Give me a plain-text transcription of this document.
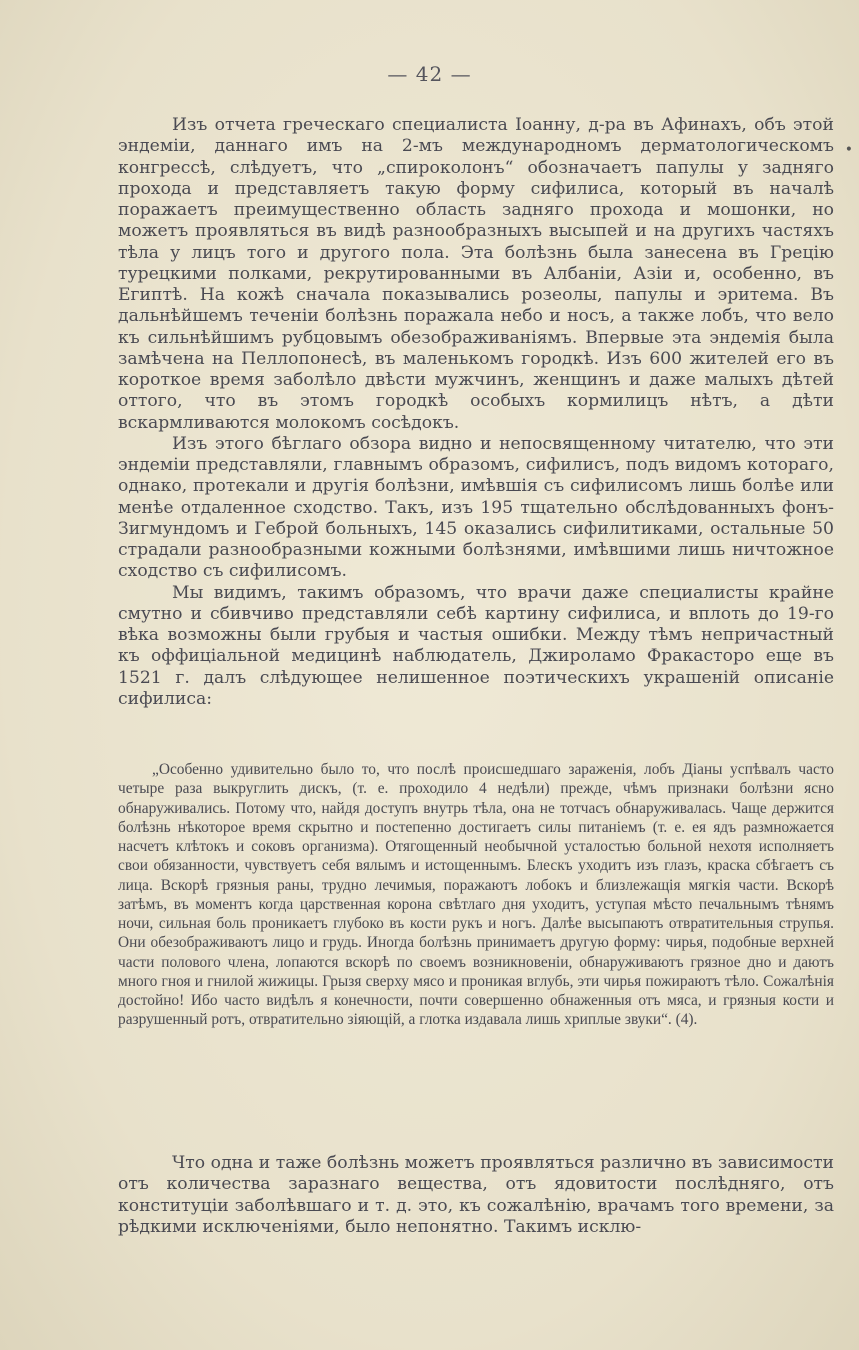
— 42 —
•

Изъ отчета греческаго специалиста Іоанну, д-ра въ Афинахъ, объ этой эндеміи, даннаго имъ на 2-мъ международномъ дерматологическомъ конгрессѣ, слѣдуетъ, что „спироколонъ“ обозначаетъ папулы у задняго прохода и представляетъ такую форму сифилиса, который въ началѣ поражаетъ преимущественно область задняго прохода и мошонки, но можетъ проявляться въ видѣ разнообразныхъ высыпей и на другихъ частяхъ тѣла у лицъ того и другого пола. Эта болѣзнь была занесена въ Грецію турецкими полками, рекрутированными въ Албаніи, Азіи и, особенно, въ Египтѣ. На кожѣ сначала показывались розеолы, папулы и эритема. Въ дальнѣйшемъ теченіи болѣзнь поражала небо и носъ, а также лобъ, что вело къ сильнѣйшимъ рубцовымъ обезображиваніямъ. Впервые эта эндемія была замѣчена на Пеллопонесѣ, въ маленькомъ городкѣ. Изъ 600 жителей его въ короткое время заболѣло двѣсти мужчинъ, женщинъ и даже малыхъ дѣтей оттого, что въ этомъ городкѣ особыхъ кормилицъ нѣтъ, а дѣти вскармливаются молокомъ сосѣдокъ.

Изъ этого бѣглаго обзора видно и непосвященному читателю, что эти эндеміи представляли, главнымъ образомъ, сифилисъ, подъ видомъ котораго, однако, протекали и другія болѣзни, имѣвшія съ сифилисомъ лишь болѣе или менѣе отдаленное сходство. Такъ, изъ 195 тщательно обслѣдованныхъ фонъ-Зигмундомъ и Геброй больныхъ, 145 оказались сифилитиками, остальные 50 страдали разнообразными кожными болѣзнями, имѣвшими лишь ничтожное сходство съ сифилисомъ.

Мы видимъ, такимъ образомъ, что врачи даже специалисты крайне смутно и сбивчиво представляли себѣ картину сифилиса, и вплоть до 19-го вѣка возможны были грубыя и частыя ошибки. Между тѣмъ непричастный къ оффиціальной медицинѣ наблюдатель, Джироламо Фракасторо еще въ 1521 г. далъ слѣдующее нелишенное поэтическихъ украшеній описаніе сифилиса:

„Особенно удивительно было то, что послѣ происшедшаго зараженія, лобъ Діаны успѣвалъ часто четыре раза выкруглить дискъ, (т. е. проходило 4 недѣли) прежде, чѣмъ признаки болѣзни ясно обнаруживались. Потому что, найдя доступъ внутрь тѣла, она не тотчасъ обнаруживалась. Чаще держится болѣзнь нѣкоторое время скрытно и постепенно достигаетъ силы питаніемъ (т. е. ея ядъ размножается насчетъ клѣтокъ и соковъ организма). Отягощенный необычной усталостью больной нехотя исполняетъ свои обязанности, чувствуетъ себя вялымъ и истощеннымъ. Блескъ уходитъ изъ глазъ, краска сбѣгаетъ съ лица. Вскорѣ грязныя раны, трудно лечимыя, поражаютъ лобокъ и близлежащія мягкія части. Вскорѣ затѣмъ, въ моментъ когда царственная корона свѣтлаго дня уходитъ, уступая мѣсто печальнымъ тѣнямъ ночи, сильная боль проникаетъ глубоко въ кости рукъ и ногъ. Далѣе высыпаютъ отвратительныя струпья. Они обезображиваютъ лицо и грудь. Иногда болѣзнь принимаетъ другую форму: чирья, подобные верхней части полового члена, лопаются вскорѣ по своемъ возникновеніи, обнаруживаютъ грязное дно и даютъ много гноя и гнилой жижицы. Грызя сверху мясо и проникая вглубь, эти чирья пожираютъ тѣло. Сожалѣнія достойно! Ибо часто видѣлъ я конечности, почти совершенно обнаженныя отъ мяса, и грязныя кости и разрушенный ротъ, отвратительно зіяющій, а глотка издавала лишь хриплые звуки“. (4).

Что одна и таже болѣзнь можетъ проявляться различно въ зависимости отъ количества заразнаго вещества, отъ ядовитости послѣдняго, отъ конституціи заболѣвшаго и т. д. это, къ сожалѣнію, врачамъ того времени, за рѣдкими исключеніями, было непонятно. Такимъ исклю-
